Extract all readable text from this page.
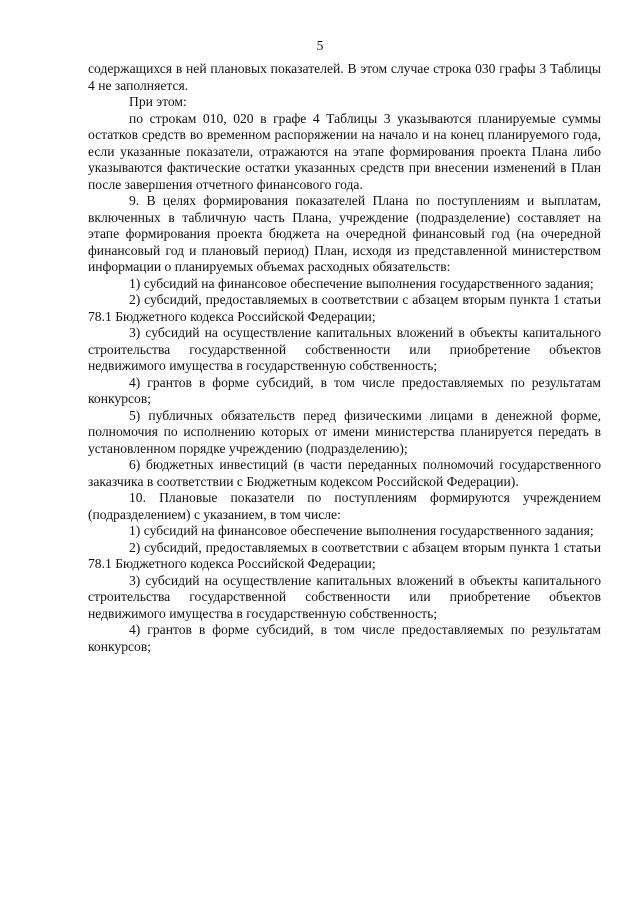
5

содержащихся в ней плановых показателей. В этом случае строка 030 графы 3 Таблицы 4 не заполняется.

При этом:

по строкам 010, 020 в графе 4 Таблицы 3 указываются планируемые суммы остатков средств во временном распоряжении на начало и на конец планируемого года, если указанные показатели, отражаются на этапе формирования проекта Плана либо указываются фактические остатки указанных средств при внесении изменений в План после завершения отчетного финансового года.

9. В целях формирования показателей Плана по поступлениям и выплатам, включенных в табличную часть Плана, учреждение (подразделение) составляет на этапе формирования проекта бюджета на очередной финансовый год (на очередной финансовый год и плановый период) План, исходя из представленной министерством информации о планируемых объемах расходных обязательств:

1) субсидий на финансовое обеспечение выполнения государственного задания;

2) субсидий, предоставляемых в соответствии с абзацем вторым пункта 1 статьи 78.1 Бюджетного кодекса Российской Федерации;

3) субсидий на осуществление капитальных вложений в объекты капитального строительства государственной собственности или приобретение объектов недвижимого имущества в государственную собственность;

4) грантов в форме субсидий, в том числе предоставляемых по результатам конкурсов;

5) публичных обязательств перед физическими лицами в денежной форме, полномочия по исполнению которых от имени министерства планируется передать в установленном порядке учреждению (подразделению);

6) бюджетных инвестиций (в части переданных полномочий государственного заказчика в соответствии с Бюджетным кодексом Российской Федерации).

10. Плановые показатели по поступлениям формируются учреждением (подразделением) с указанием, в том числе:

1) субсидий на финансовое обеспечение выполнения государственного задания;

2) субсидий, предоставляемых в соответствии с абзацем вторым пункта 1 статьи 78.1 Бюджетного кодекса Российской Федерации;

3) субсидий на осуществление капитальных вложений в объекты капитального строительства государственной собственности или приобретение объектов недвижимого имущества в государственную собственность;

4) грантов в форме субсидий, в том числе предоставляемых по результатам конкурсов;
